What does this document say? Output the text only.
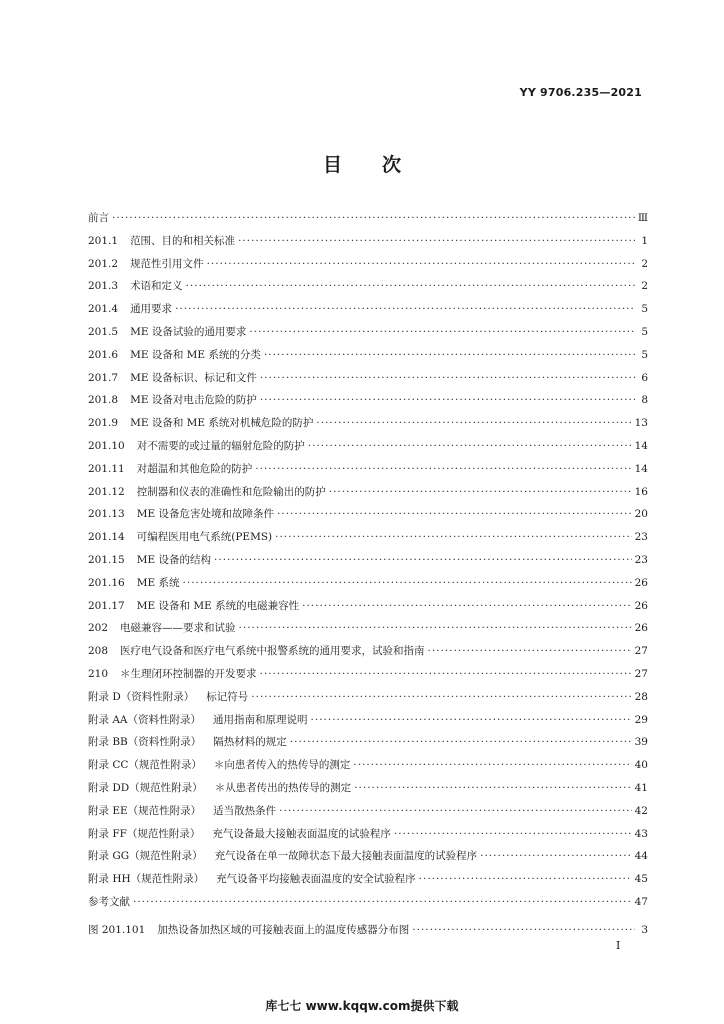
YY 9706.235—2021
目 次
前言 ·····	Ⅲ
201.1 范围、目的和相关标准 ·····	1
201.2 规范性引用文件 ·····	2
201.3 术语和定义 ·····	2
201.4 通用要求 ·····	5
201.5 ME 设备试验的通用要求 ·····	5
201.6 ME 设备和 ME 系统的分类 ·····	5
201.7 ME 设备标识、标记和文件 ·····	6
201.8 ME 设备对电击危险的防护 ·····	8
201.9 ME 设备和 ME 系统对机械危险的防护 ·····	13
201.10 对不需要的或过量的辐射危险的防护 ·····	14
201.11 对超温和其他危险的防护 ·····	14
201.12 控制器和仪表的准确性和危险输出的防护 ·····	16
201.13 ME 设备危害处境和故障条件 ·····	20
201.14 可编程医用电气系统(PEMS) ·····	23
201.15 ME 设备的结构 ·····	23
201.16 ME 系统 ·····	26
201.17 ME 设备和 ME 系统的电磁兼容性 ·····	26
202 电磁兼容——要求和试验 ·····	26
208 医疗电气设备和医疗电气系统中报警系统的通用要求，试验和指南 ·····	27
210 ＊生理闭环控制器的开发要求 ·····	27
附录 D（资料性附录） 标记符号 ·····	28
附录 AA（资料性附录） 通用指南和原理说明 ·····	29
附录 BB（资料性附录） 隔热材料的规定 ·····	39
附录 CC（规范性附录） ＊向患者传入的热传导的测定 ·····	40
附录 DD（规范性附录） ＊从患者传出的热传导的测定 ·····	41
附录 EE（规范性附录） 适当散热条件 ·····	42
附录 FF（规范性附录） 充气设备最大接触表面温度的试验程序 ·····	43
附录 GG（规范性附录） 充气设备在单一故障状态下最大接触表面温度的试验程序 ·····	44
附录 HH（规范性附录） 充气设备平均接触表面温度的安全试验程序 ·····	45
参考文献 ·····	47
图 201.101 加热设备加热区域的可接触表面上的温度传感器分布图 ·····	3
I
库七七 www.kqqw.com提供下载
